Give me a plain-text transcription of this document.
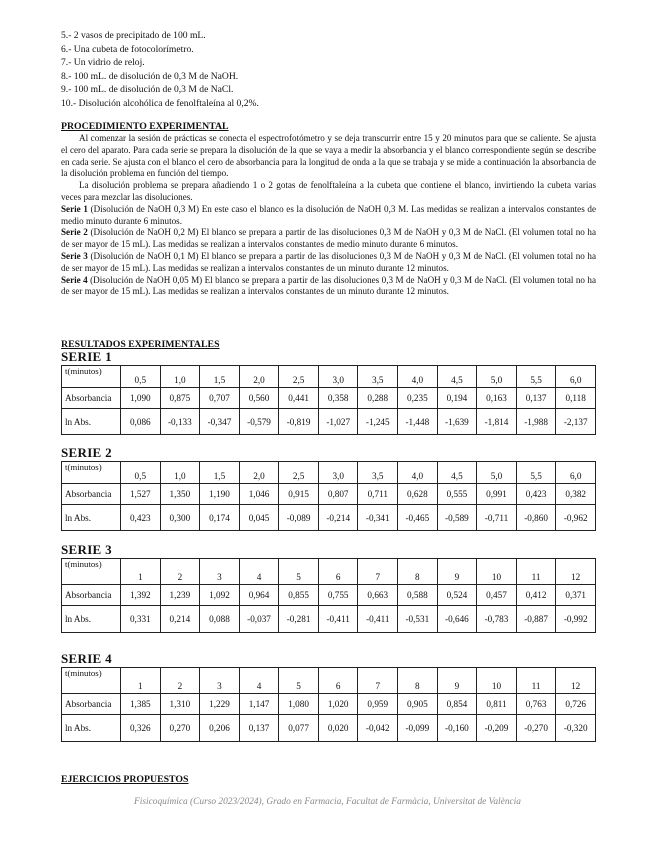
5.- 2 vasos de precipitado de 100 mL.
6.- Una cubeta de fotocolorímetro.
7.- Un vidrio de reloj.
8.- 100 mL. de disolución de 0,3 M de NaOH.
9.- 100 mL. de disolución de 0,3 M de NaCl.
10.- Disolución alcohólica de fenolftaleína al 0,2%.
PROCEDIMIENTO EXPERIMENTAL

Al comenzar la sesión de prácticas se conecta el espectrofotómetro y se deja transcurrir entre 15 y 20 minutos para que se caliente. Se ajusta el cero del aparato. Para cada serie se prepara la disolución de la que se vaya a medir la absorbancia y el blanco correspondiente según se describe en cada serie. Se ajusta con el blanco el cero de absorbancia para la longitud de onda a la que se trabaja y se mide a continuación la absorbancia de la disolución problema en función del tiempo.

La disolución problema se prepara añadiendo 1 o 2 gotas de fenolftaleína a la cubeta que contiene el blanco, invirtiendo la cubeta varias veces para mezclar las disoluciones.

Serie 1 (Disolución de NaOH 0,3 M) En este caso el blanco es la disolución de NaOH 0,3 M. Las medidas se realizan a intervalos constantes de medio minuto durante 6 minutos.

Serie 2 (Disolución de NaOH 0,2 M) El blanco se prepara a partir de las disoluciones 0,3 M de NaOH y 0,3 M de NaCl. (El volumen total no ha de ser mayor de 15 mL). Las medidas se realizan a intervalos constantes de medio minuto durante 6 minutos.

Serie 3 (Disolución de NaOH 0,1 M) El blanco se prepara a partir de las disoluciones 0,3 M de NaOH y 0,3 M de NaCl. (El volumen total no ha de ser mayor de 15 mL). Las medidas se realizan a intervalos constantes de un minuto durante 12 minutos.

Serie 4 (Disolución de NaOH 0,05 M) El blanco se prepara a partir de las disoluciones 0,3 M de NaOH y 0,3 M de NaCl. (El volumen total no ha de ser mayor de 15 mL). Las medidas se realizan a intervalos constantes de un minuto durante 12 minutos.

RESULTADOS EXPERIMENTALES
SERIE 1
t(minutos)	0,5	1,0	1,5	2,0	2,5	3,0	3,5	4,0	4,5	5,0	5,5	6,0
Absorbancia	1,090	0,875	0,707	0,560	0,441	0,358	0,288	0,235	0,194	0,163	0,137	0,118
ln Abs.	0,086	-0,133	-0,347	-0,579	-0,819	-1,027	-1,245	-1,448	-1,639	-1,814	-1,988	-2,137
SERIE 2
t(minutos)	0,5	1,0	1,5	2,0	2,5	3,0	3,5	4,0	4,5	5,0	5,5	6,0
Absorbancia	1,527	1,350	1,190	1,046	0,915	0,807	0,711	0,628	0,555	0,991	0,423	0,382
ln Abs.	0,423	0,300	0,174	0,045	-0,089	-0,214	-0,341	-0,465	-0,589	-0,711	-0,860	-0,962
SERIE 3
t(minutos)	1	2	3	4	5	6	7	8	9	10	11	12
Absorbancia	1,392	1,239	1,092	0,964	0,855	0,755	0,663	0,588	0,524	0,457	0,412	0,371
ln Abs.	0,331	0,214	0,088	-0,037	-0,281	-0,411	-0,411	-0,531	-0,646	-0,783	-0,887	-0,992
SERIE 4
t(minutos)	1	2	3	4	5	6	7	8	9	10	11	12
Absorbancia	1,385	1,310	1,229	1,147	1,080	1,020	0,959	0,905	0,854	0,811	0,763	0,726
ln Abs.	0,326	0,270	0,206	0,137	0,077	0,020	-0,042	-0,099	-0,160	-0,209	-0,270	-0,320
EJERCICIOS PROPUESTOS
Fisicoquímica (Curso 2023/2024), Grado en Farmacia, Facultat de Farmàcia, Universitat de València
